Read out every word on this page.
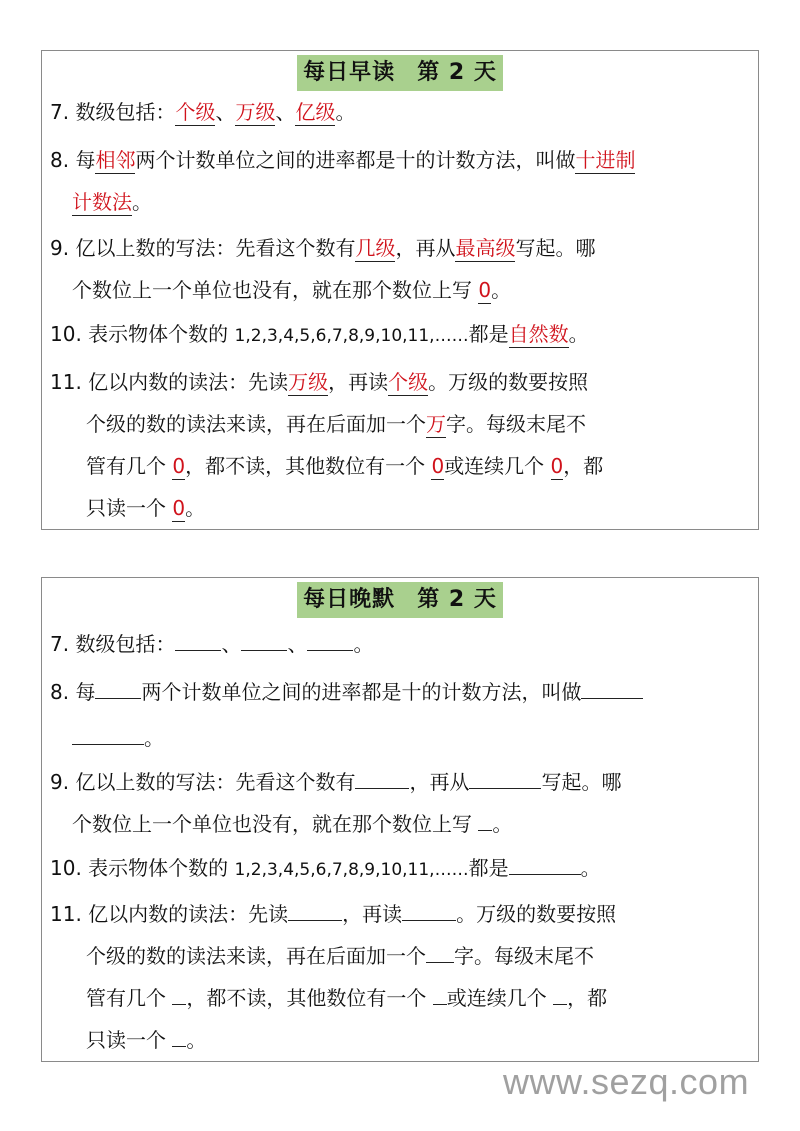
每日早读 第 2 天
7. 数级包括：个级、万级、亿级。
8. 每相邻两个计数单位之间的进率都是十的计数方法，叫做十进制
计数法。
9. 亿以上数的写法：先看这个数有几级，再从最高级写起。哪
个数位上一个单位也没有，就在那个数位上写 0。
10. 表示物体个数的 1,2,3,4,5,6,7,8,9,10,11,……都是自然数。
11. 亿以内数的读法：先读万级，再读个级。万级的数要按照
个级的数的读法来读，再在后面加一个万字。每级末尾不
管有几个 0，都不读，其他数位有一个 0或连续几个 0，都
只读一个 0。
每日晚默 第 2 天
7. 数级包括： 、 、 。
8. 每 两个计数单位之间的进率都是十的计数方法，叫做
。
9. 亿以上数的写法：先看这个数有	，再从	写起。哪
个数位上一个单位也没有，就在那个数位上写 。
10. 表示物体个数的 1,2,3,4,5,6,7,8,9,10,11,……都是	。
11. 亿以内数的读法：先读	，再读	。万级的数要按照
个级的数的读法来读，再在后面加一个 字。每级末尾不
管有几个 ，都不读，其他数位有一个 或连续几个 ，都
只读一个 。
www.sezq.com
